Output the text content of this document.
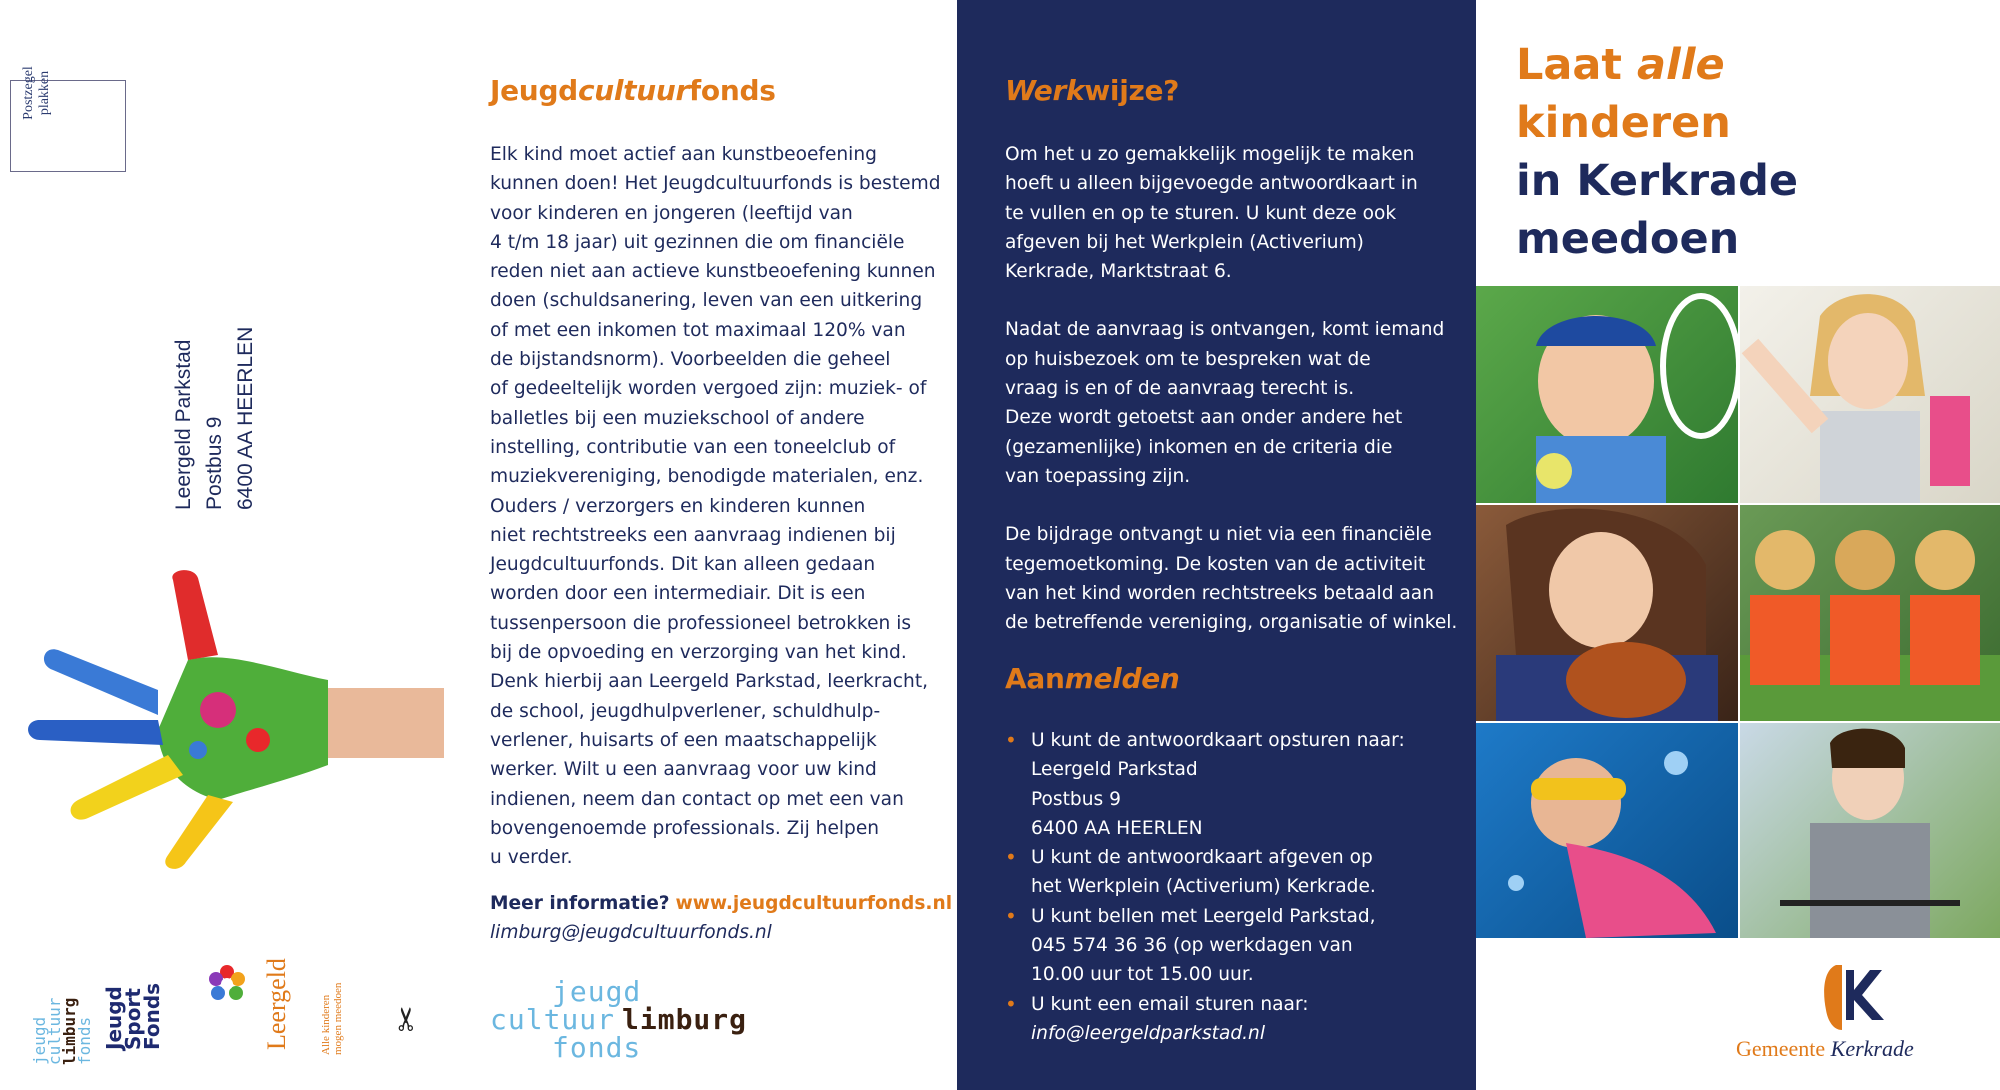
Postzegel plakken
Leergeld Parkstad Postbus 9 6400 AA HEERLEN
jeugd
cultuur
limburg
fonds Jeugd
Sport
Fonds	Leergeld	Alle kinderen mogen meedoen ✂
Jeugdcultuurfonds
Elk kind moet actief aan kunstbeoefening
kunnen doen! Het Jeugdcultuurfonds is bestemd
voor kinderen en jongeren (leeftijd van
4 t/m 18 jaar) uit gezinnen die om financiële
reden niet aan actieve kunstbeoefening kunnen
doen (schuldsanering, leven van een uitkering
of met een inkomen tot maximaal 120% van
de bijstandsnorm). Voorbeelden die geheel
of gedeeltelijk worden vergoed zijn: muziek- of
balletles bij een muziekschool of andere
instelling, contributie van een toneelclub of
muziekvereniging, benodigde materialen, enz.
Ouders / verzorgers en kinderen kunnen
niet rechtstreeks een aanvraag indienen bij
Jeugdcultuurfonds. Dit kan alleen gedaan
worden door een intermediair. Dit is een
tussenpersoon die professioneel betrokken is
bij de opvoeding en verzorging van het kind.
Denk hierbij aan Leergeld Parkstad, leerkracht,
de school, jeugdhulpverlener, schuldhulp-
verlener, huisarts of een maatschappelijk
werker. Wilt u een aanvraag voor uw kind
indienen, neem dan contact op met een van
bovengenoemde professionals. Zij helpen
u verder.
Meer informatie? www.jeugdcultuurfonds.nl
limburg@jeugdcultuurfonds.nl
jeugd
cultuur limburg
fonds
Werkwijze?
Om het u zo gemakkelijk mogelijk te maken
hoeft u alleen bijgevoegde antwoordkaart in
te vullen en op te sturen. U kunt deze ook
afgeven bij het Werkplein (Activerium)
Kerkrade, Marktstraat 6.
Nadat de aanvraag is ontvangen, komt iemand
op huisbezoek om te bespreken wat de
vraag is en of de aanvraag terecht is.
Deze wordt getoetst aan onder andere het
(gezamenlijke) inkomen en de criteria die
van toepassing zijn.
De bijdrage ontvangt u niet via een financiële
tegemoetkoming. De kosten van de activiteit
van het kind worden rechtstreeks betaald aan
de betreffende vereniging, organisatie of winkel.
Aanmelden
• U kunt de antwoordkaart opsturen naar:
Leergeld Parkstad
Postbus 9
6400 AA HEERLEN
• U kunt de antwoordkaart afgeven op
het Werkplein (Activerium) Kerkrade.
• U kunt bellen met Leergeld Parkstad,
045 574 36 36 (op werkdagen van
10.00 uur tot 15.00 uur.
• U kunt een email sturen naar:
info@leergeldparkstad.nl
Laat alle
kinderen
in Kerkrade
meedoen
Gemeente Kerkrade
